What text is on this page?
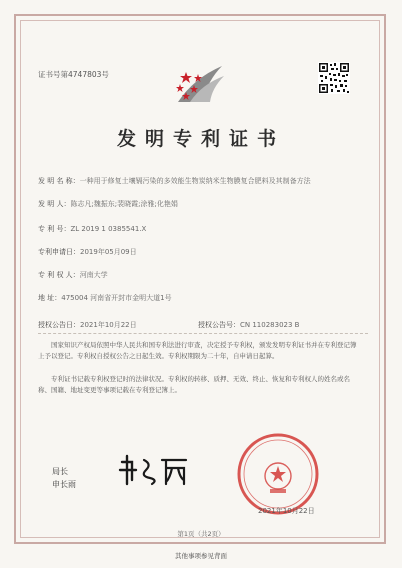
证书号第4747803号
发明专利证书
发 明 名 称：一种用于修复土壤镉污染的多效能生物炭纳米生物膜复合肥料及其制备方法
发 明 人：陈志凡;魏振东;裴晓霞;涂雅;化艳娟
专 利 号：ZL 2019 1 0385541.X
专利申请日：2019年05月09日
专 利 权 人：河南大学
地 址：475004 河南省开封市金明大道1号
授权公告日：2021年10月22日	授权公告号：CN 110283023 B
国家知识产权局依照中华人民共和国专利法进行审查，决定授予专利权，颁发发明专利证书并在专利登记簿上予以登记。专利权自授权公告之日起生效。专利权期限为二十年，自申请日起算。
专利证书记载专利权登记时的法律状况。专利权的转移、质押、无效、终止、恢复和专利权人的姓名或名称、国籍、地址变更等事项记载在专利登记簿上。
2021年10月22日
局长
申长雨
第1页（共2页）
其他事项参见背面
